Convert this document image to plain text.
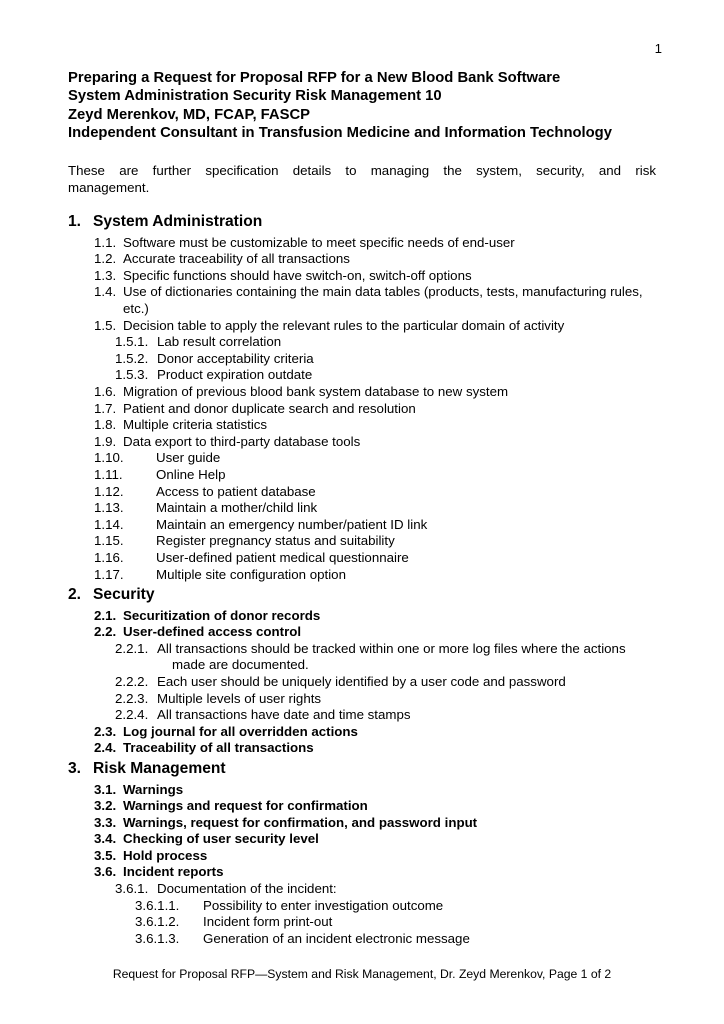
1
Preparing a Request for Proposal RFP for a New Blood Bank Software
System Administration Security Risk Management 10
Zeyd Merenkov, MD, FCAP, FASCP
Independent Consultant in Transfusion Medicine and Information Technology

These are further specification details to managing the system, security, and risk
management.

1. System Administration
1.1. Software must be customizable to meet specific needs of end-user
1.2. Accurate traceability of all transactions
1.3. Specific functions should have switch-on, switch-off options
1.4. Use of dictionaries containing the main data tables (products, tests, manufacturing rules, etc.)
1.5. Decision table to apply the relevant rules to the particular domain of activity
1.5.1. Lab result correlation
1.5.2. Donor acceptability criteria
1.5.3. Product expiration outdate
1.6. Migration of previous blood bank system database to new system
1.7. Patient and donor duplicate search and resolution
1.8. Multiple criteria statistics
1.9. Data export to third-party database tools
1.10.	User guide
1.11.	Online Help
1.12.	Access to patient database
1.13.	Maintain a mother/child link
1.14.	Maintain an emergency number/patient ID link
1.15.	Register pregnancy status and suitability
1.16.	User-defined patient medical questionnaire
1.17.	Multiple site configuration option
2. Security
2.1. Securitization of donor records
2.2. User-defined access control
2.2.1. All transactions should be tracked within one or more log files where the actions made are documented.
2.2.2. Each user should be uniquely identified by a user code and password
2.2.3. Multiple levels of user rights
2.2.4. All transactions have date and time stamps
2.3. Log journal for all overridden actions
2.4. Traceability of all transactions
3. Risk Management
3.1. Warnings
3.2. Warnings and request for confirmation
3.3. Warnings, request for confirmation, and password input
3.4. Checking of user security level
3.5. Hold process
3.6. Incident reports
3.6.1. Documentation of the incident:
3.6.1.1.	Possibility to enter investigation outcome
3.6.1.2.	Incident form print-out
3.6.1.3.	Generation of an incident electronic message
Request for Proposal RFP—System and Risk Management, Dr. Zeyd Merenkov, Page 1 of 2
